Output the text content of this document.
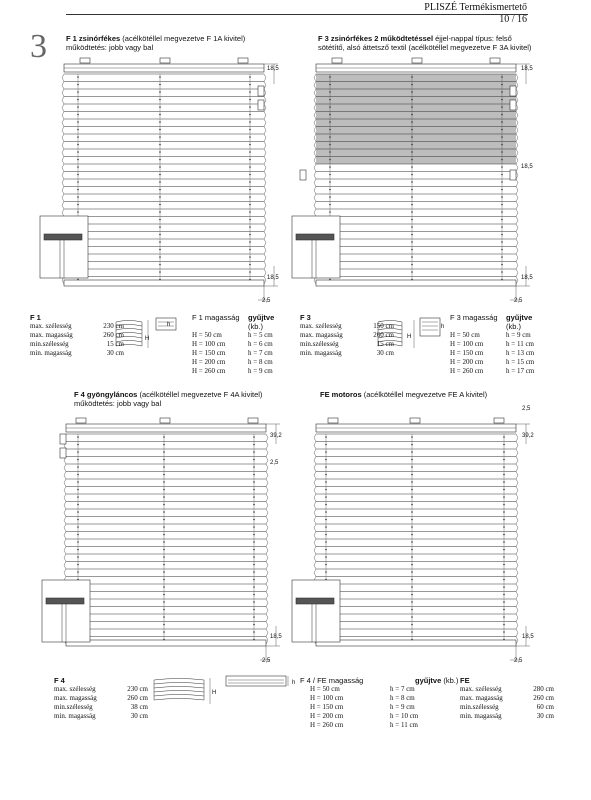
PLISZÉ Termékismertető
10 / 16
3	F 1 zsinórfékes (acélkötéllel megvezetve F 1A kivitel)
működtetés: jobb vagy bal
18,5
18,5
2,5
F 1
max. szélesség	230 cm
max. magasság	260 cm
min.szélesség	15 cm
min. magasság	30 cm
h
H
F 1 magasság	gyűjtve (kb.)
H = 50 cm	h = 5 cm
H = 100 cm	h = 6 cm
H = 150 cm	h = 7 cm
H = 200 cm	h = 8 cm
H = 260 cm	h = 9 cm
F 3 zsinórfékes 2 működtetéssel éjjel-nappal típus: felső
sötétítő, alsó áttetsző textil (acélkötéllel megvezetve F 3A kivitel)
18,5
18,5
18,5
2,5
F 3
max. szélesség	150 cm
max. magasság	260 cm
min.szélesség	15 cm
min. magasság	30 cm
h
H
F 3 magasság	gyűjtve (kb.)
H = 50 cm	h = 9 cm
H = 100 cm	h = 11 cm
H = 150 cm	h = 13 cm
H = 200 cm	h = 15 cm
H = 260 cm	h = 17 cm
F 4 gyöngyláncos (acélkötéllel megvezetve F 4A kivitel)
működtetés: jobb vagy bal
39,2
2,5
18,5
2,5
F 4
max. szélesség	230 cm
max. magasság	260 cm
min.szélesség	38 cm
min. magasság	30 cm
H
h
FE motoros (acélkötéllel megvezetve FE A kivitel)
2,5
39,2
18,5
2,5
F 4 / FE magasság	gyűjtve (kb.)
H = 50 cm	h = 7 cm
H = 100 cm	h = 8 cm
H = 150 cm	h = 9 cm
H = 200 cm	h = 10 cm
H = 260 cm	h = 11 cm
FE
max. szélesség	280 cm
max. magasság	260 cm
min.szélesség	60 cm
min. magasság	30 cm
